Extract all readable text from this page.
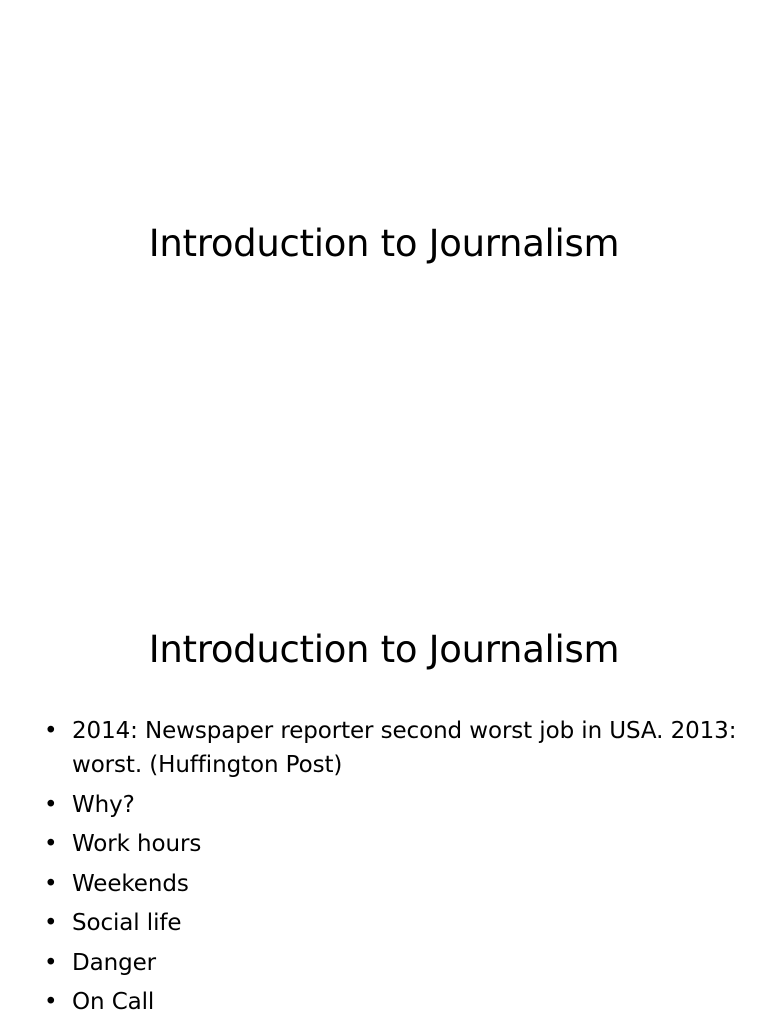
Introduction to Journalism
Introduction to Journalism
• 2014: Newspaper reporter second worst job in USA. 2013: worst. (Huffington Post)
• Why?
• Work hours
• Weekends
• Social life
• Danger
• On Call
